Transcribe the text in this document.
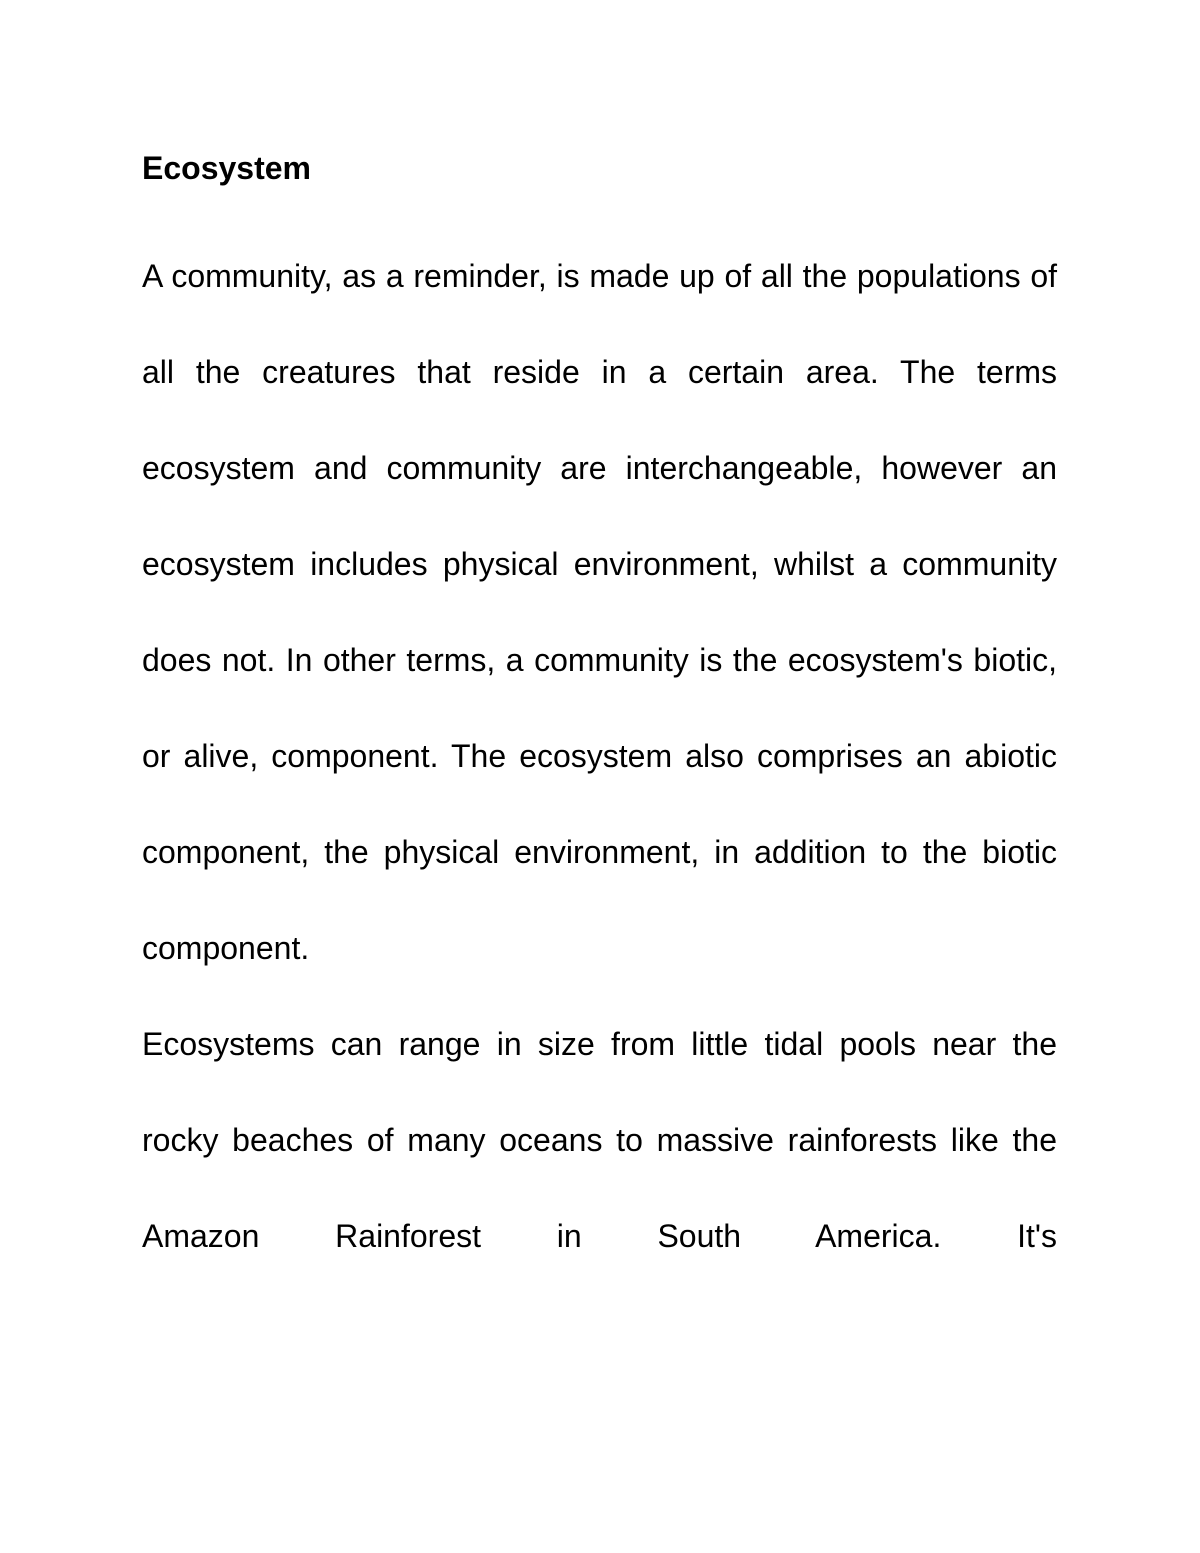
Ecosystem

A community, as a reminder, is made up of all the populations of all the creatures that reside in a certain area. The terms ecosystem and community are interchangeable, however an ecosystem includes physical environment, whilst a community does not. In other terms, a community is the ecosystem's biotic, or alive, component. The ecosystem also comprises an abiotic component, the physical environment, in addition to the biotic component.

Ecosystems can range in size from little tidal pools near the rocky beaches of many oceans to massive rainforests like the Amazon Rainforest in South America. It's
